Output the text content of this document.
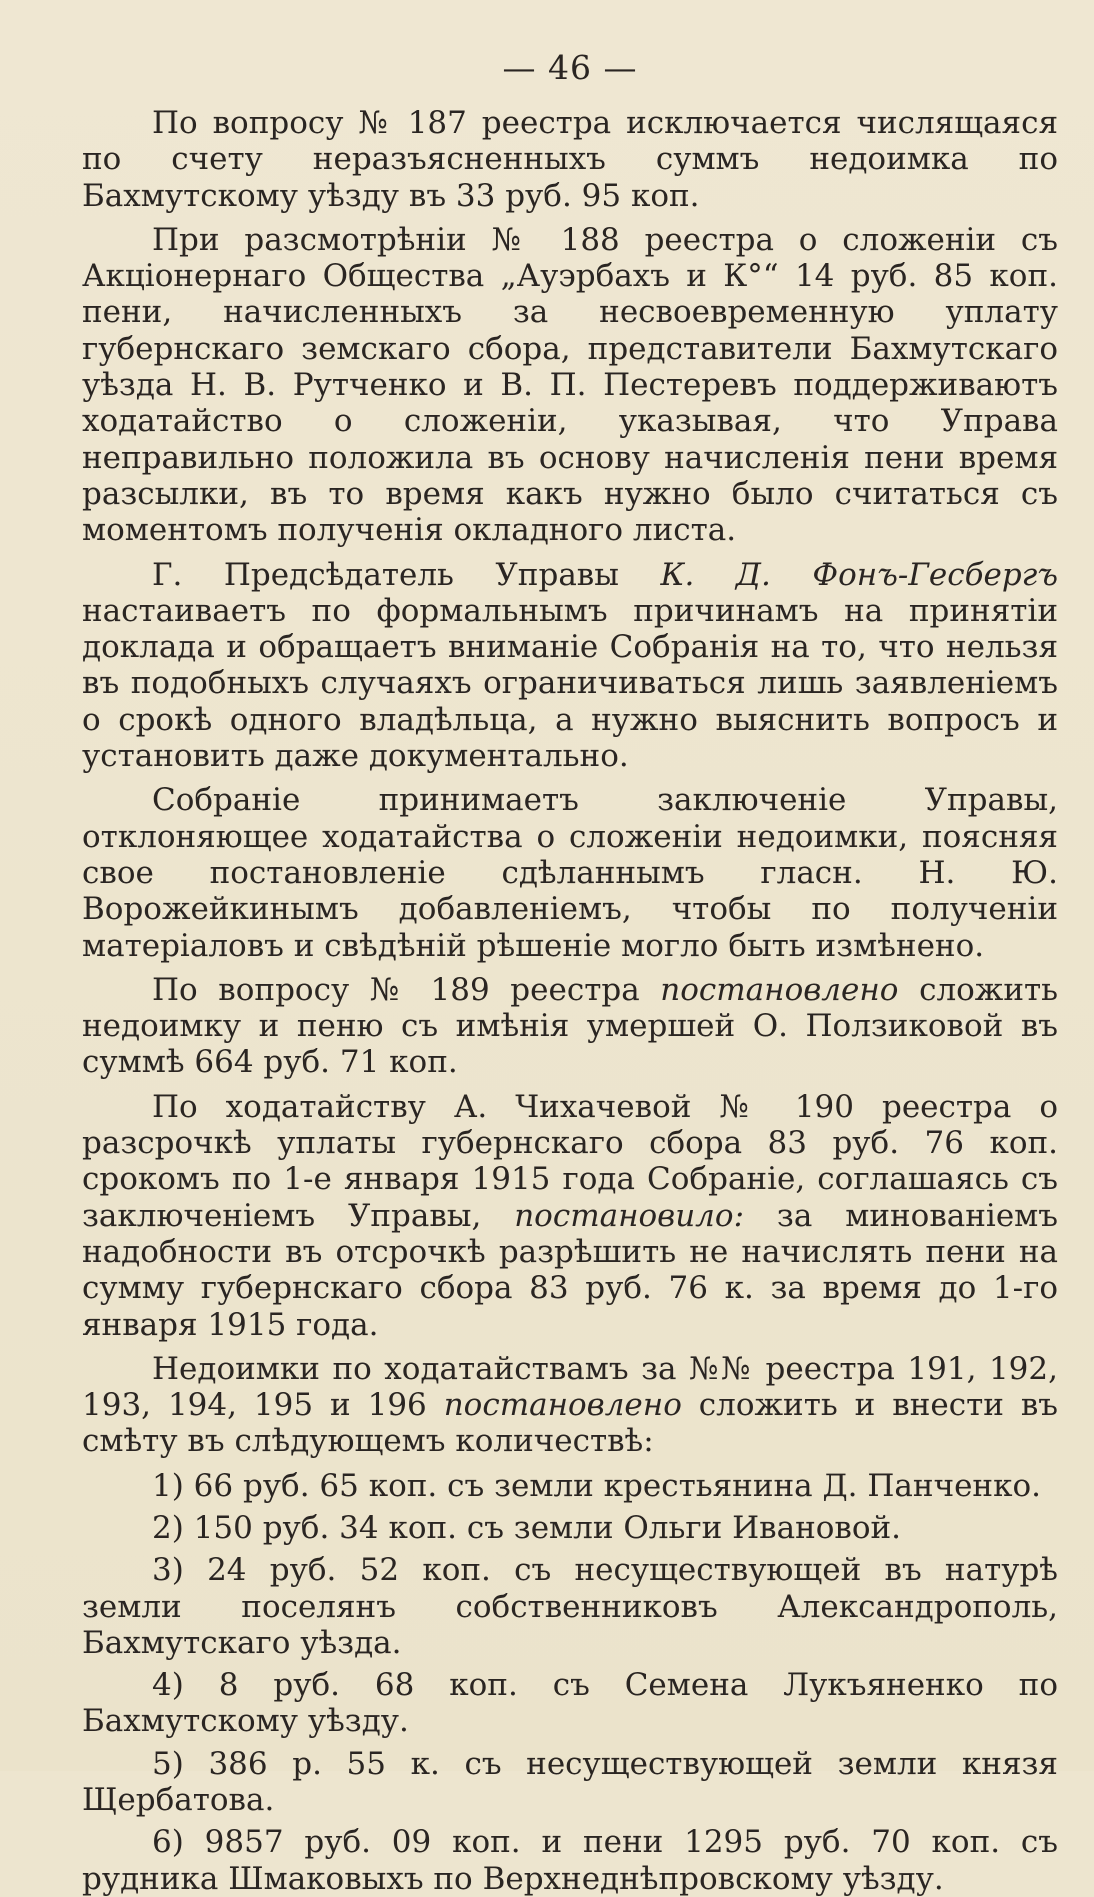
— 46 —

По вопросу № 187 реестра исключается числящаяся по счету неразъясненныхъ суммъ недоимка по Бахмутскому уѣзду въ 33 руб. 95 коп.

При разсмотрѣніи № 188 реестра о сложеніи съ Акціонернаго Общества „Ауэрбахъ и К°“ 14 руб. 85 коп. пени, начисленныхъ за несвоевременную уплату губернскаго земскаго сбора, представители Бахмутскаго уѣзда Н. В. Рутченко и В. П. Пестеревъ поддерживаютъ ходатайство о сложеніи, указывая, что Управа неправильно положила въ основу начисленія пени время разсылки, въ то время какъ нужно было считаться съ моментомъ полученія окладного листа.

Г. Предсѣдатель Управы К. Д. Фонъ-Гесбергъ настаиваетъ по формальнымъ причинамъ на принятіи доклада и обращаетъ вниманіе Собранія на то, что нельзя въ подобныхъ случаяхъ ограничиваться лишь заявленіемъ о срокѣ одного владѣльца, а нужно выяснить вопросъ и установить даже документально.

Собраніе принимаетъ заключеніе Управы, отклоняющее ходатайства о сложеніи недоимки, поясняя свое постановленіе сдѣланнымъ гласн. Н. Ю. Ворожейкинымъ добавленіемъ, чтобы по полученіи матеріаловъ и свѣдѣній рѣшеніе могло быть измѣнено.

По вопросу № 189 реестра постановлено сложить недоимку и пеню съ имѣнія умершей О. Ползиковой въ суммѣ 664 руб. 71 коп.

По ходатайству А. Чихачевой № 190 реестра о разсрочкѣ уплаты губернскаго сбора 83 руб. 76 коп. срокомъ по 1-е января 1915 года Собраніе, соглашаясь съ заключеніемъ Управы, постановило: за минованіемъ надобности въ отсрочкѣ разрѣшить не начислять пени на сумму губернскаго сбора 83 руб. 76 к. за время до 1-го января 1915 года.

Недоимки по ходатайствамъ за №№ реестра 191, 192, 193, 194, 195 и 196 постановлено сложить и внести въ смѣту въ слѣдующемъ количествѣ:

1) 66 руб. 65 коп. съ земли крестьянина Д. Панченко.

2) 150 руб. 34 коп. съ земли Ольги Ивановой.

3) 24 руб. 52 коп. съ несуществующей въ натурѣ земли поселянъ собственниковъ Александрополь, Бахмутскаго уѣзда.

4) 8 руб. 68 коп. съ Семена Лукъяненко по Бахмутскому уѣзду.

5) 386 р. 55 к. съ несуществующей земли князя Щербатова.

6) 9857 руб. 09 коп. и пени 1295 руб. 70 коп. съ рудника Шмаковыхъ по Верхнеднѣпровскому уѣзду.
